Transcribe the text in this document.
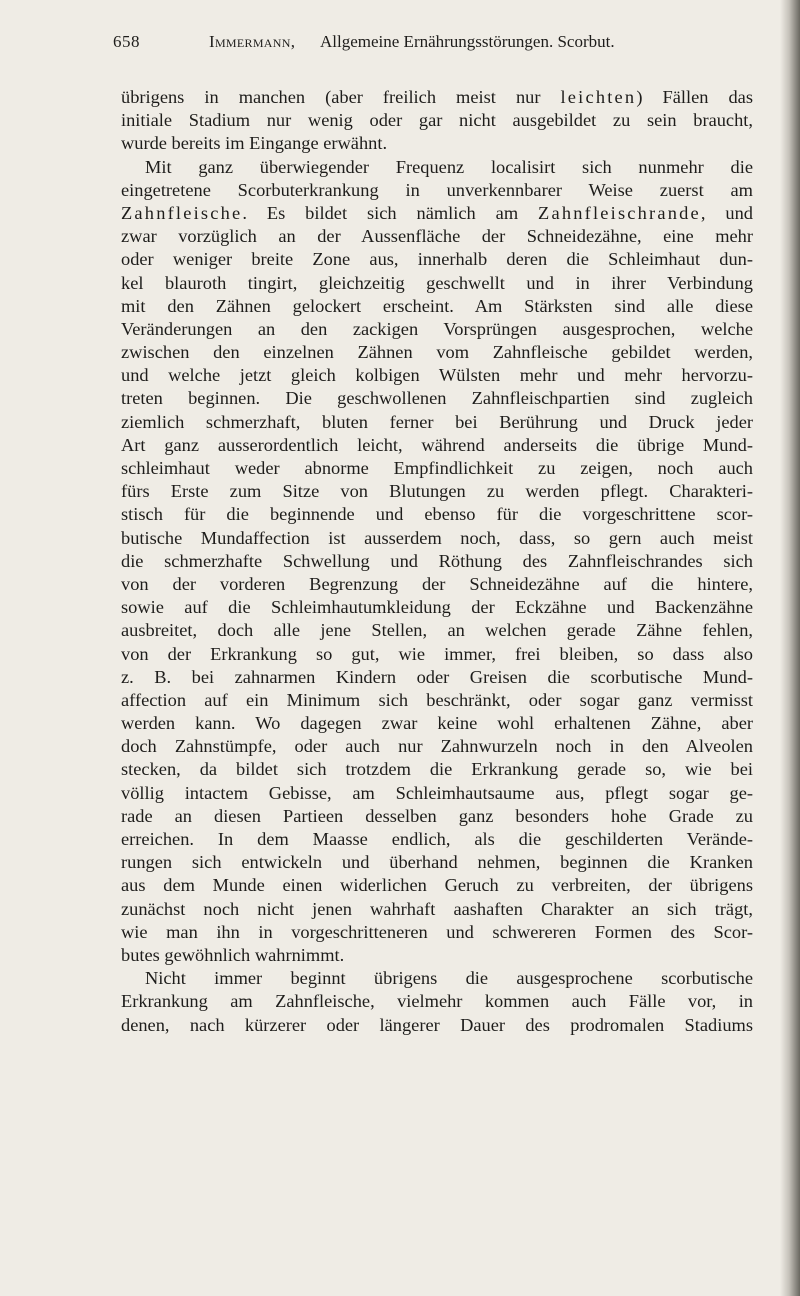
658	Immermann, Allgemeine Ernährungsstörungen. Scorbut.
übrigens in manchen (aber freilich meist nur leichten) Fällen das
initiale Stadium nur wenig oder gar nicht ausgebildet zu sein braucht,
wurde bereits im Eingange erwähnt.
Mit ganz überwiegender Frequenz localisirt sich nunmehr die
eingetretene Scorbuterkrankung in unverkennbarer Weise zuerst am
Zahnfleische. Es bildet sich nämlich am Zahnfleischrande, und
zwar vorzüglich an der Aussenfläche der Schneidezähne, eine mehr
oder weniger breite Zone aus, innerhalb deren die Schleimhaut dun-
kel blauroth tingirt, gleichzeitig geschwellt und in ihrer Verbindung
mit den Zähnen gelockert erscheint. Am Stärksten sind alle diese
Veränderungen an den zackigen Vorsprüngen ausgesprochen, welche
zwischen den einzelnen Zähnen vom Zahnfleische gebildet werden,
und welche jetzt gleich kolbigen Wülsten mehr und mehr hervorzu-
treten beginnen. Die geschwollenen Zahnfleischpartien sind zugleich
ziemlich schmerzhaft, bluten ferner bei Berührung und Druck jeder
Art ganz ausserordentlich leicht, während anderseits die übrige Mund-
schleimhaut weder abnorme Empfindlichkeit zu zeigen, noch auch
fürs Erste zum Sitze von Blutungen zu werden pflegt. Charakteri-
stisch für die beginnende und ebenso für die vorgeschrittene scor-
butische Mundaffection ist ausserdem noch, dass, so gern auch meist
die schmerzhafte Schwellung und Röthung des Zahnfleischrandes sich
von der vorderen Begrenzung der Schneidezähne auf die hintere,
sowie auf die Schleimhautumkleidung der Eckzähne und Backenzähne
ausbreitet, doch alle jene Stellen, an welchen gerade Zähne fehlen,
von der Erkrankung so gut, wie immer, frei bleiben, so dass also
z. B. bei zahnarmen Kindern oder Greisen die scorbutische Mund-
affection auf ein Minimum sich beschränkt, oder sogar ganz vermisst
werden kann. Wo dagegen zwar keine wohl erhaltenen Zähne, aber
doch Zahnstümpfe, oder auch nur Zahnwurzeln noch in den Alveolen
stecken, da bildet sich trotzdem die Erkrankung gerade so, wie bei
völlig intactem Gebisse, am Schleimhautsaume aus, pflegt sogar ge-
rade an diesen Partieen desselben ganz besonders hohe Grade zu
erreichen. In dem Maasse endlich, als die geschilderten Verände-
rungen sich entwickeln und überhand nehmen, beginnen die Kranken
aus dem Munde einen widerlichen Geruch zu verbreiten, der übrigens
zunächst noch nicht jenen wahrhaft aashaften Charakter an sich trägt,
wie man ihn in vorgeschritteneren und schwereren Formen des Scor-
butes gewöhnlich wahrnimmt.
Nicht immer beginnt übrigens die ausgesprochene scorbutische
Erkrankung am Zahnfleische, vielmehr kommen auch Fälle vor, in
denen, nach kürzerer oder längerer Dauer des prodromalen Stadiums
